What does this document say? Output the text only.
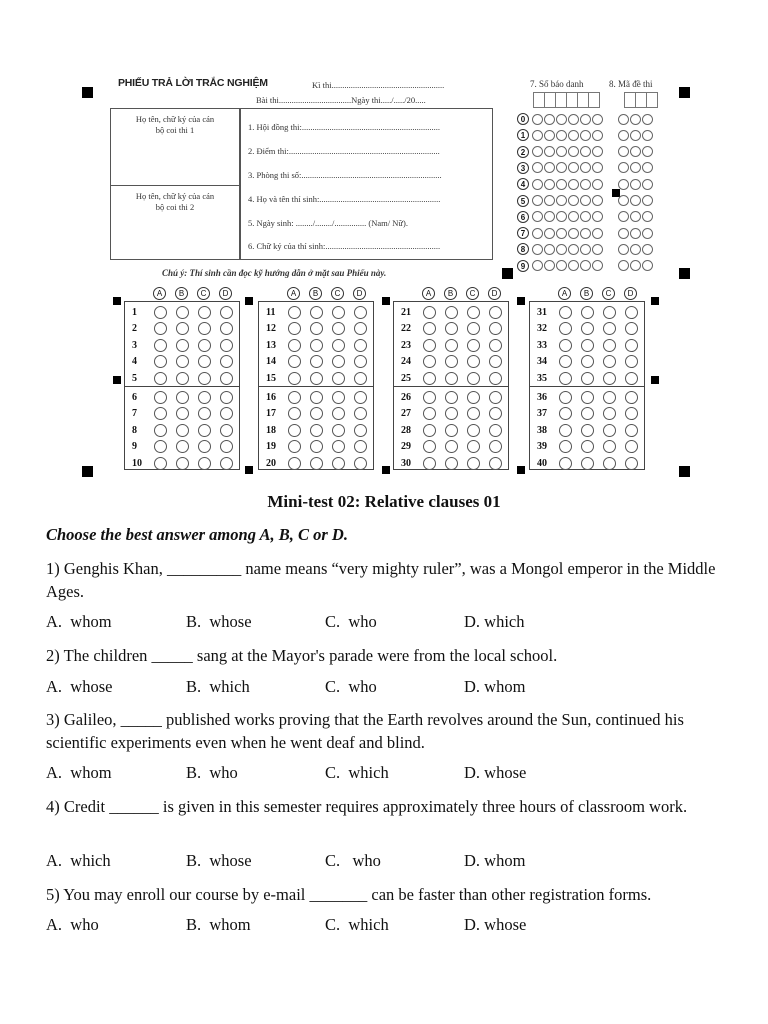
PHIẾU TRẢ LỜI TRẮC NGHIỆM	Kì thi.....................................................
Bài thi..................................Ngày thi...../...../20.....
Họ tên, chữ ký của cán bộ coi thi 1
Họ tên, chữ ký của cán bộ coi thi 2
1. Hội đồng thi:.................................................................
2. Điểm thi:.......................................................................
3. Phòng thi số:..................................................................
4. Họ và tên thí sinh:.........................................................
5. Ngày sinh: ......../......../............... (Nam/ Nữ).
6. Chữ ký của thí sinh:......................................................
Chú ý: Thí sinh cần đọc kỹ hướng dẫn ở mặt sau Phiếu này.
7. Số báo danh	8. Mã đề thi
0
1
2
3
4
5
6
7
8
9
A	B	C	D
1
2
3
4
5
6
7
8
9
10
A	B	C	D
11
12
13
14
15
16
17
18
19
20
A	B	C	D
21
22
23
24
25
26
27
28
29
30
A	B	C	D
31
32
33
34
35
36
37
38
39
40
Mini-test 02: Relative clauses 01
Choose the best answer among A, B, C or D.
1) Genghis Khan, _________ name means “very mighty ruler”, was a Mongol emperor in the Middle Ages.
A.  whom	B.  whose	C.  who	D. which
2) The children _____ sang at the Mayor's parade were from the local school.
A.  whose	B.  which	C.  who	D. whom
3) Galileo, _____ published works proving that the Earth revolves around the Sun, continued his scientific experiments even when he went deaf and blind.
A.  whom	B.  who	C.  which	D. whose
4) Credit ______ is given in this semester requires approximately three hours of classroom work.
A.  which	B.  whose	C.   who	D. whom
5) You may enroll our course by e-mail _______ can be faster than other registration forms.
A.  who	B.  whom	C.  which	D. whose
